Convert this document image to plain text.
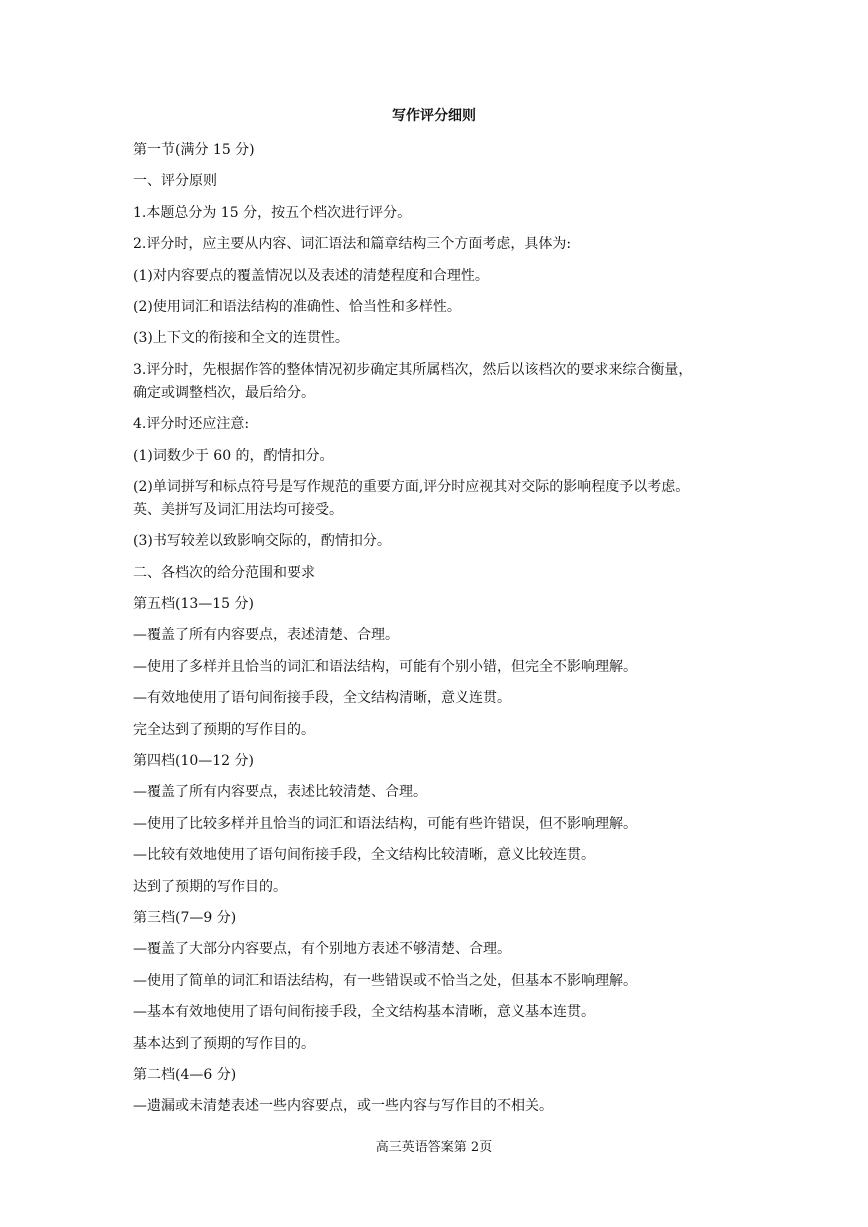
写作评分细则

第一节(满分 15 分)

一、评分原则

1.本题总分为 15 分，按五个档次进行评分。

2.评分时，应主要从内容、词汇语法和篇章结构三个方面考虑，具体为:

(1)对内容要点的覆盖情况以及表述的清楚程度和合理性。

(2)使用词汇和语法结构的准确性、恰当性和多样性。

(3)上下文的衔接和全文的连贯性。

3.评分时，先根据作答的整体情况初步确定其所属档次，然后以该档次的要求来综合衡量，

确定或调整档次，最后给分。

4.评分时还应注意:

(1)词数少于 60 的，酌情扣分。

(2)单词拼写和标点符号是写作规范的重要方面,评分时应视其对交际的影响程度予以考虑。

英、美拼写及词汇用法均可接受。

(3)书写较差以致影响交际的，酌情扣分。

二、各档次的给分范围和要求

第五档(13—15 分)

—覆盖了所有内容要点，表述清楚、合理。

—使用了多样并且恰当的词汇和语法结构，可能有个别小错，但完全不影响理解。

—有效地使用了语句间衔接手段，全文结构清晰，意义连贯。

完全达到了预期的写作目的。

第四档(10—12 分)

—覆盖了所有内容要点，表述比较清楚、合理。

—使用了比较多样并且恰当的词汇和语法结构，可能有些许错误，但不影响理解。

—比较有效地使用了语句间衔接手段，全文结构比较清晰，意义比较连贯。

达到了预期的写作目的。

第三档(7—9 分)

—覆盖了大部分内容要点，有个别地方表述不够清楚、合理。

—使用了简单的词汇和语法结构，有一些错误或不恰当之处，但基本不影响理解。

—基本有效地使用了语句间衔接手段，全文结构基本清晰，意义基本连贯。

基本达到了预期的写作目的。

第二档(4—6 分)

—遗漏或未清楚表述一些内容要点，或一些内容与写作目的不相关。

高三英语答案第 2页
